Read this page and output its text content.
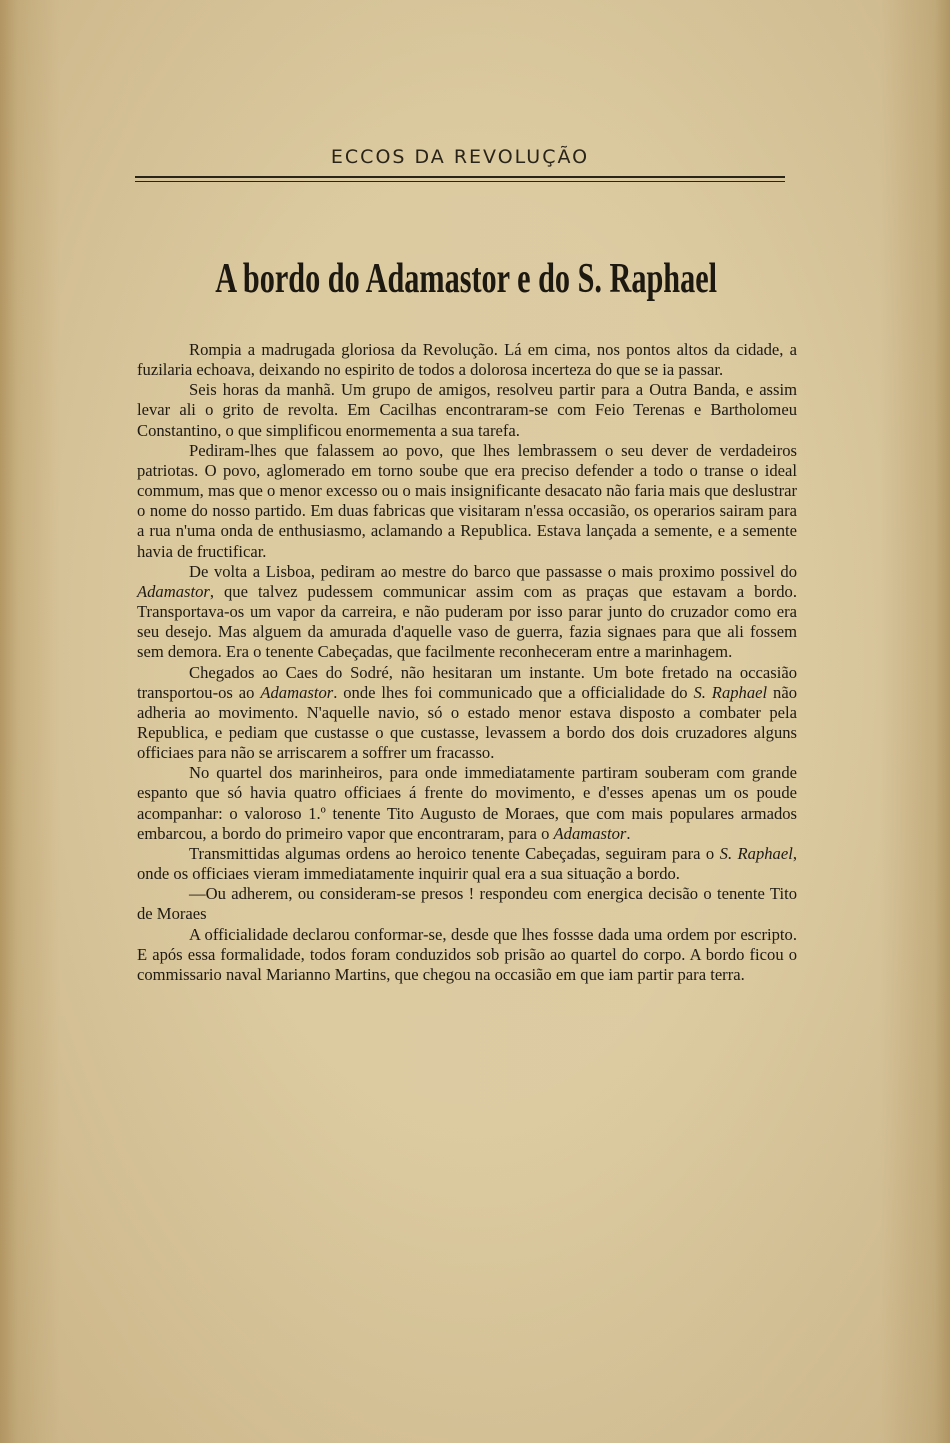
ECCOS DA REVOLUÇÃO
A bordo do Adamastor e do S. Raphael

Rompia a madrugada gloriosa da Revolução. Lá em cima, nos pontos altos da cidade, a fuzilaria echoava, deixando no espirito de todos a dolorosa incerteza do que se ia passar.

Seis horas da manhã. Um grupo de amigos, resolveu partir para a Outra Banda, e assim levar ali o grito de revolta. Em Cacilhas encontraram-se com Feio Terenas e Bartholomeu Constantino, o que simplificou enormementa a sua tarefa.

Pediram-lhes que falassem ao povo, que lhes lembrassem o seu dever de verdadeiros patriotas. O povo, aglomerado em torno soube que era preciso defender a todo o transe o ideal commum, mas que o menor excesso ou o mais insignificante desacato não faria mais que deslustrar o nome do nosso partido. Em duas fabricas que visitaram n'essa occasião, os operarios sairam para a rua n'uma onda de enthusiasmo, aclamando a Republica. Estava lançada a semente, e a semente havia de fructificar.

De volta a Lisboa, pediram ao mestre do barco que passasse o mais proximo possivel do Adamastor, que talvez pudessem communicar assim com as praças que estavam a bordo. Transportava-os um vapor da carreira, e não puderam por isso parar junto do cruzador como era seu desejo. Mas alguem da amurada d'aquelle vaso de guerra, fazia signaes para que ali fossem sem demora. Era o tenente Cabeçadas, que facilmente reconheceram entre a marinhagem.

Chegados ao Caes do Sodré, não hesitaran um instante. Um bote fretado na occasião transportou-os ao Adamastor. onde lhes foi communicado que a officialidade do S. Raphael não adheria ao movimento. N'aquelle navio, só o estado menor estava disposto a combater pela Republica, e pediam que custasse o que custasse, levassem a bordo dos dois cruzadores alguns officiaes para não se arriscarem a soffrer um fracasso.

No quartel dos marinheiros, para onde immediatamente partiram souberam com grande espanto que só havia quatro officiaes á frente do movimento, e d'esses apenas um os poude acompanhar: o valoroso 1.º tenente Tito Augusto de Moraes, que com mais populares armados embarcou, a bordo do primeiro vapor que encontraram, para o Adamastor.

Transmittidas algumas ordens ao heroico tenente Cabeçadas, seguiram para o S. Raphael, onde os officiaes vieram immediatamente inquirir qual era a sua situação a bordo.

—Ou adherem, ou consideram-se presos ! respondeu com energica decisão o tenente Tito de Moraes

A officialidade declarou conformar-se, desde que lhes fossse dada uma ordem por escripto. E após essa formalidade, todos foram conduzidos sob prisão ao quartel do corpo. A bordo ficou o commissario naval Marianno Martins, que chegou na occasião em que iam partir para terra.
